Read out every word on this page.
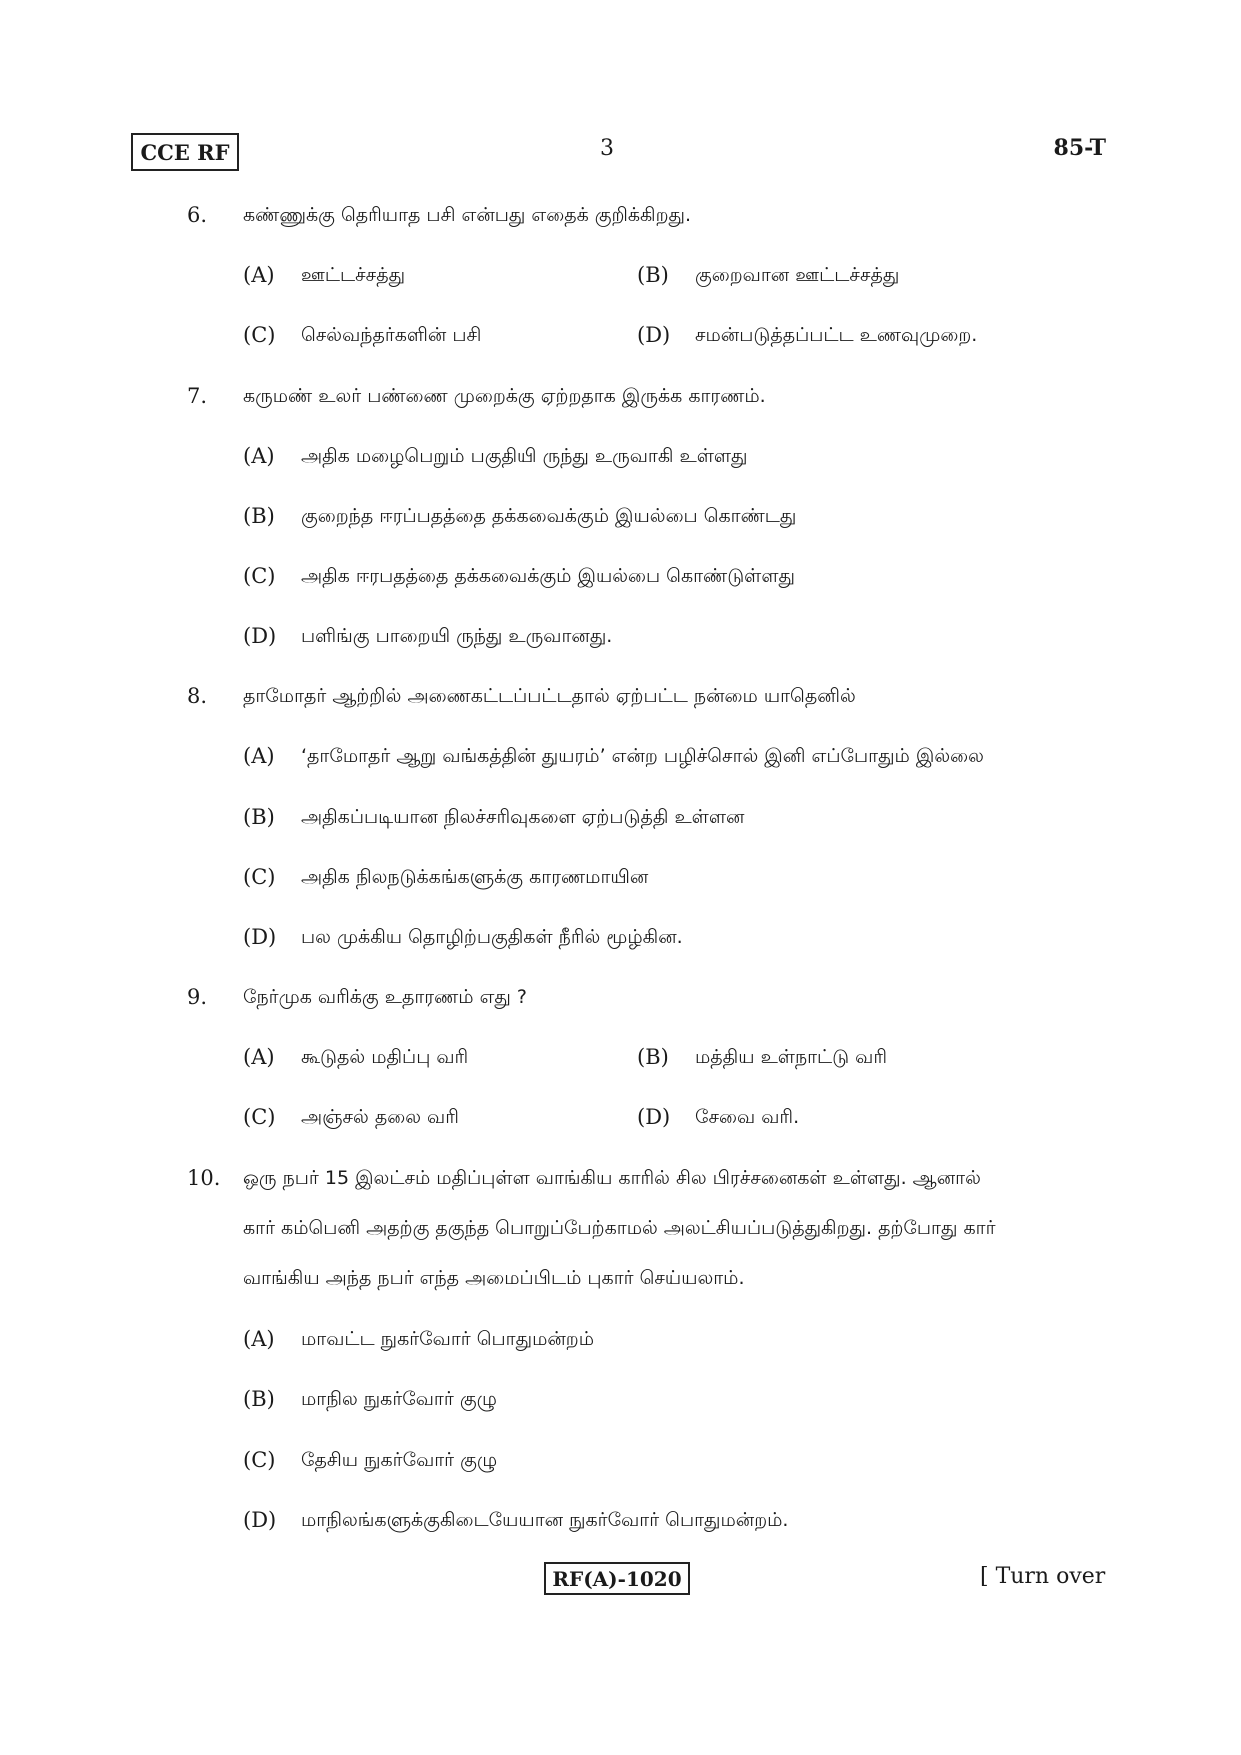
CCE RF	3	85-T
6. கண்ணுக்கு தெரியாத பசி என்பது எதைக் குறிக்கிறது.
(A) ஊட்டச்சத்து	(B) குறைவான ஊட்டச்சத்து
(C) செல்வந்தர்களின் பசி	(D) சமன்படுத்தப்பட்ட உணவுமுறை.
7. கருமண் உலர் பண்ணை முறைக்கு ஏற்றதாக இருக்க காரணம்.
(A) அதிக மழைபெறும் பகுதியி ருந்து உருவாகி உள்ளது
(B) குறைந்த ஈரப்பதத்தை தக்கவைக்கும் இயல்பை கொண்டது
(C) அதிக ஈரபதத்தை தக்கவைக்கும் இயல்பை கொண்டுள்ளது
(D) பளிங்கு பாறையி ருந்து உருவானது.
8. தாமோதர் ஆற்றில் அணைகட்டப்பட்டதால் ஏற்பட்ட நன்மை யாதெனில்
(A) ‘தாமோதர் ஆறு வங்கத்தின் துயரம்’ என்ற பழிச்சொல் இனி எப்போதும் இல்லை
(B) அதிகப்படியான நிலச்சரிவுகளை ஏற்படுத்தி உள்ளன
(C) அதிக நிலநடுக்கங்களுக்கு காரணமாயின
(D) பல முக்கிய தொழிற்பகுதிகள் நீரில் மூழ்கின.
9. நேர்முக வரிக்கு உதாரணம் எது ?
(A) கூடுதல் மதிப்பு வரி	(B) மத்திய உள்நாட்டு வரி
(C) அஞ்சல் தலை வரி	(D) சேவை வரி.
10. ஒரு நபர் 15 இலட்சம் மதிப்புள்ள வாங்கிய காரில் சில பிரச்சனைகள் உள்ளது. ஆனால்
கார் கம்பெனி அதற்கு தகுந்த பொறுப்பேற்காமல் அலட்சியப்படுத்துகிறது. தற்போது கார்
வாங்கிய அந்த நபர் எந்த அமைப்பிடம் புகார் செய்யலாம்.
(A) மாவட்ட நுகர்வோர் பொதுமன்றம்
(B) மாநில நுகர்வோர் குழு
(C) தேசிய நுகர்வோர் குழு
(D) மாநிலங்களுக்குகிடையேயான நுகர்வோர் பொதுமன்றம்.
RF(A)-1020	[ Turn over
